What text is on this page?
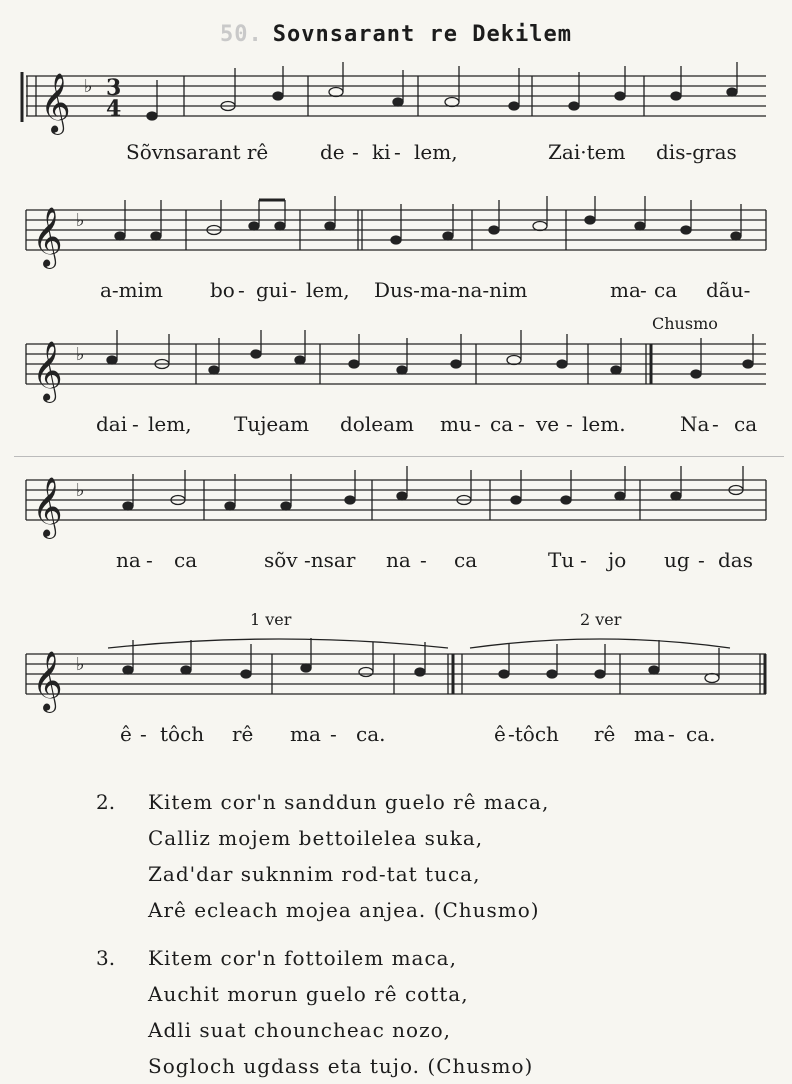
50. Sovnsarant re Dekilem
𝄞 ♭ 3
4
𝄞 ♭
𝄞 ♭
𝄞 ♭
𝄞 ♭
1 ver	2 ver
Sõvnsarant rê	de - ki - lem,	Zai·tem dis-gras
a-mim bo - gui - lem, Dus-ma-na-nim	ma - ca dãu-
Chusmo
dai - lem, Tujeam doleam mu - ca - ve - lem.	Na - ca
na - ca	sõv -nsar na - ca	Tu - jo ug - das
ê - tôch rê ma - ca.	ê -tôch rê ma - ca.
2. Kitem cor'n sanddun guelo rê maca,
Calliz mojem bettoilelea suka,
Zad'dar suknnim rod-tat tuca,
Arê ecleach mojea anjea. (Chusmo)
3. Kitem cor'n fottoilem maca,
Auchit morun guelo rê cotta,
Adli suat chouncheac nozo,
Sogloch ugdass eta tujo. (Chusmo)
